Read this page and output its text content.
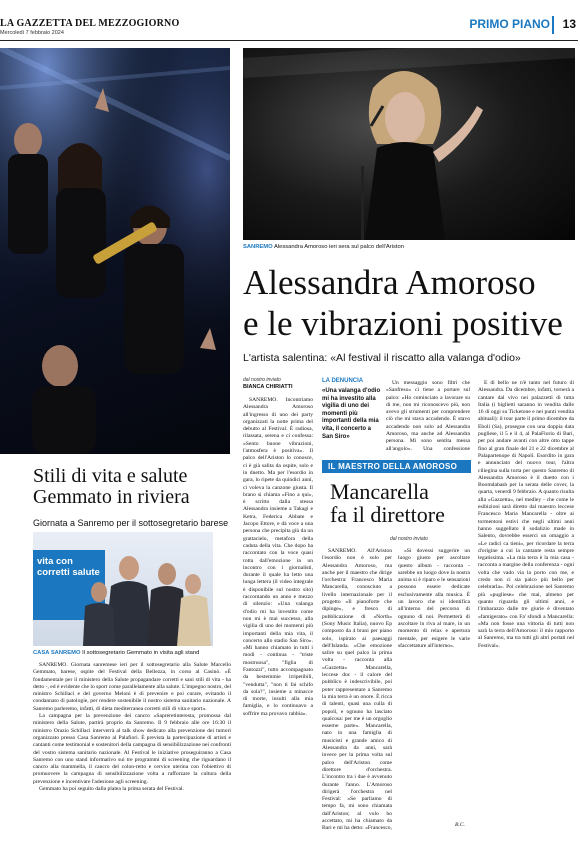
LA GAZZETTA DEL MEZZOGIORNO
Mercoledì 7 febbraio 2024
PRIMO PIANO 13
Stili di vita e salute
Gemmato in riviera
Giornata a Sanremo per il sottosegretario barese
vita con corretti salute
CASA SANREMO Il sottosegretario Gemmato in visita agli stand

SANREMO. Giornata sanremese ieri per il sottosegretario alla Salute Marcello Gemmato, barese, ospite del Festival della Bellezza, in corso al Casinò. «È fondamentale per il ministero della Salute propagandare corretti e sani stili di vita - ha detto -, ed è evidente che lo sport come parallelamente alla salute. L'impegno nostro, del ministro Schillaci e del governo Meloni è di prevenire e poi curare, evitando il condannato di patologie, per rendere sostenibile il nostro sistema sanitario nazionale. A Sanremo parleremo, infatti, di dieta mediterranea corretti stili di vita e sport».

La campagna per la prevenzione dei cancro «Sapreretinteresta, promossa dal ministero della Salute, partirà proprio da Sanremo. Il 9 febbraio alle ore 16:30 il ministro Orazio Schillaci interverrà al talk show dedicato alla prevenzione dei tumori organizzato presso Casa Sanremo al Palafiori. È prevista la partecipazione di artisti e cantanti come testimonial e sostenitori della campagna di sensibilizzazione nei confronti del vostro sistema sanitario nazionale. Al Festival le iniziative proseguiranno a Casa Sanremo con uno stand informativo sui tre programmi di screening che riguardano il cancro alla mammella, il cancro del colon-retto e cervice uterina con l'obiettivo di promuovere la campagna di sensibilizzazione volta a rafforzare la cultura della prevenzione e incentivare l'adesione agli screening.

Gemmato ha poi seguito dalla platea la prima serata del Festival.

SANREMO Alessandra Amoroso ieri sera sul palco dell'Ariston
Alessandra Amoroso
e le vibrazioni positive
L'artista salentina: «Al festival il riscatto alla valanga d'odio»
dal nostro inviato
BIANCA CHIRIATTI

SANREMO. Incontriamo Alessandra Amoroso all'ingresso di uno dei party organizzati la notte prima del debutto al Festival. È radiosa, rilassata, serena e ci confessa: «Sento buone vibrazioni, l'atmosfera è positiva». Il palco dell'Ariston lo conosce, ci è già salita da ospite, solo e in duetto. Ma per l'esordio in gara, lo ripete da quindici anni, ci voleva la canzone giusta. Il brano si chiama «Fino a qui», è scritto dalla stessa Alessandra insieme a Takagi e Ketra, Federica Abbate e Jacopo Ettore, e dà voce a una persona che precipita giù da un grattacielo, metafora della caduta della vita. Che dopo ha raccontato con la voce quasi rotta dall'emozione in un incontro con i giornalisti, durante il quale ha letto una lunga lettera (il video integrale è disponibile sul nostro sito) raccontando un anno e mezzo di silenzio: «Una valanga d'odio mi ha investito come non mi è mai successo, alla vigilia di uno dei momenti più importanti della mia vita, il concerto allo stadio San Siro». «Mi hanno chiamato in tutti i modi - continua - "triste mostruosa", "figlia di Fantozzi", tutto accompagnato da bestemmie irripetibili, "vendutta", "non ti fai schifo da sola?", insieme a minacce di morte, insulti alla mia famiglia, e lo continuavo a soffrire ma provavo rabbia».

LA DENUNCIA
«Una valanga d'odio mi ha investito alla vigilia di uno dei momenti più importanti della mia vita, il concerto a San Siro»

Un messaggio sono filtri che «Sanfreso» ci tiene a portare sul palco: «Ho cominciato a lavorare su di me, non mi riconoscevo più, non avevo gli strumenti per comprendere ciò che mi stava accadendo. È stavo accadendo non solo ad Alessandra Amoroso, ma anche ad Alessandra persona. Mi sono sentita messa all'angolo». Una confessione

IL MAESTRO DELLA AMOROSO
Mancarella
fa il direttore
dal nostro inviato

SANREMO. All'Ariston l'esordio non è solo per Alessandra Amoroso, ma anche per il maestro che dirige l'orchestra: Francesco Maria Mancarella, conosciuto a livello internazionale per il progetto «Il pianoforte che dipinge», e fresco di pubblicazione di «North» (Sony Music Italia), nuovo Ep composto da 4 brani per piano solo, ispirato ai paesaggi dell'Islanda. «Che emozione salire su quel palco la prima volta - racconta alla «Gazzetta» Mancarella, leccese doc - il calore del pubblico è indescrivibile, poi poter rappresentare a Sanremo la mia terra è un onore. È ricca di talenti, quasi una culla di popoli, e ognuno ha lasciato qualcosa: per me è un orgoglio esserne parte». Mancarella, nato in una famiglia di musicisti e grande amico di Alessandra da anni, sarà invece per la prima volta sul palco dell'Ariston come direttore d'orchestra. L'incontro tra i due è avvenuto durante l'anno. L'Amoroso dirigerà l'orchestra nel Festival: «Se parliamo di tempo fa, mi sono chiamata dall'Ariston; al volo ho accettato, mi ha chiamato da Bari e mi ha detto: «Francesco,

«Si dovessi suggerire un luogo giusto per ascoltare questo album - racconta - sarebbe un luogo dove la nostra anima si è riparo e le sensazioni possono essere dedicate esclusivamente alla musica. È un lavoro che si identifica all'interno del percorso di ognuno di noi. Permetterà di ascoltare in riva al mare, in un momento di relax e apertura mentale, per esigere le varie sfaccettature all'interno».

B.C.

E di bello ne n'è tanto nel futuro di Alessandra. Da dicembre, infatti, tornerà a cantare dal vivo nei palazzetti di tutta Italia (i biglietti saranno in vendita dalle 16 di oggi su Ticketone e nei punti vendita abituali): il tour parte il primo dicembre da Eboli (Sa), prosegue con una doppia data pugliese, il 5 e il 4, al PalaFlorio di Bari, per poi andare avanti con altre otto tappe fino al gran finale del 21 e 22 dicembre al Palapartenope di Napoli. Esordito in gara e annunciato del nuovo tour, l'altra ciliegina sulla torta per questo Sanremo di Alessandra Amoroso è il duetto con i Boomdabash per la serata delle cover, la quarta, venerdì 9 febbraio. A quanto risulta alla «Gazzetta», nel medley - che come le esibizioni sarà diretto dal maestro leccese Francesco Maria Mancarella - oltre ai tormentoni estivi che negli ultimi anni hanno suggellato il sodalizio made in Salento, dovrebbe esserci un omaggio a «Le radici ca tieni», per ricordare la terra d'origine a cui la cantante resta sempre legatissima. «La mia terra è la mia casa - racconta a margine della conferenza - ogni volta che vado via la porto con me, e credo non ci sia palco più bello per celebrarla». Poi celebrazione nel Sanremo più «pugliese» che mai, almeno per quanto riguarda gli ultimi anni, e l'imbarazzo dalle tre giurie è diventato «famigerato» con Fa' sfondi a Mancarella: «Ma non fosse una vittoria di tutti non sarà la terra dell'Amoroso: il mio rapporto al Sanremo, ma tra tutti gli altri portati nel Festival».
